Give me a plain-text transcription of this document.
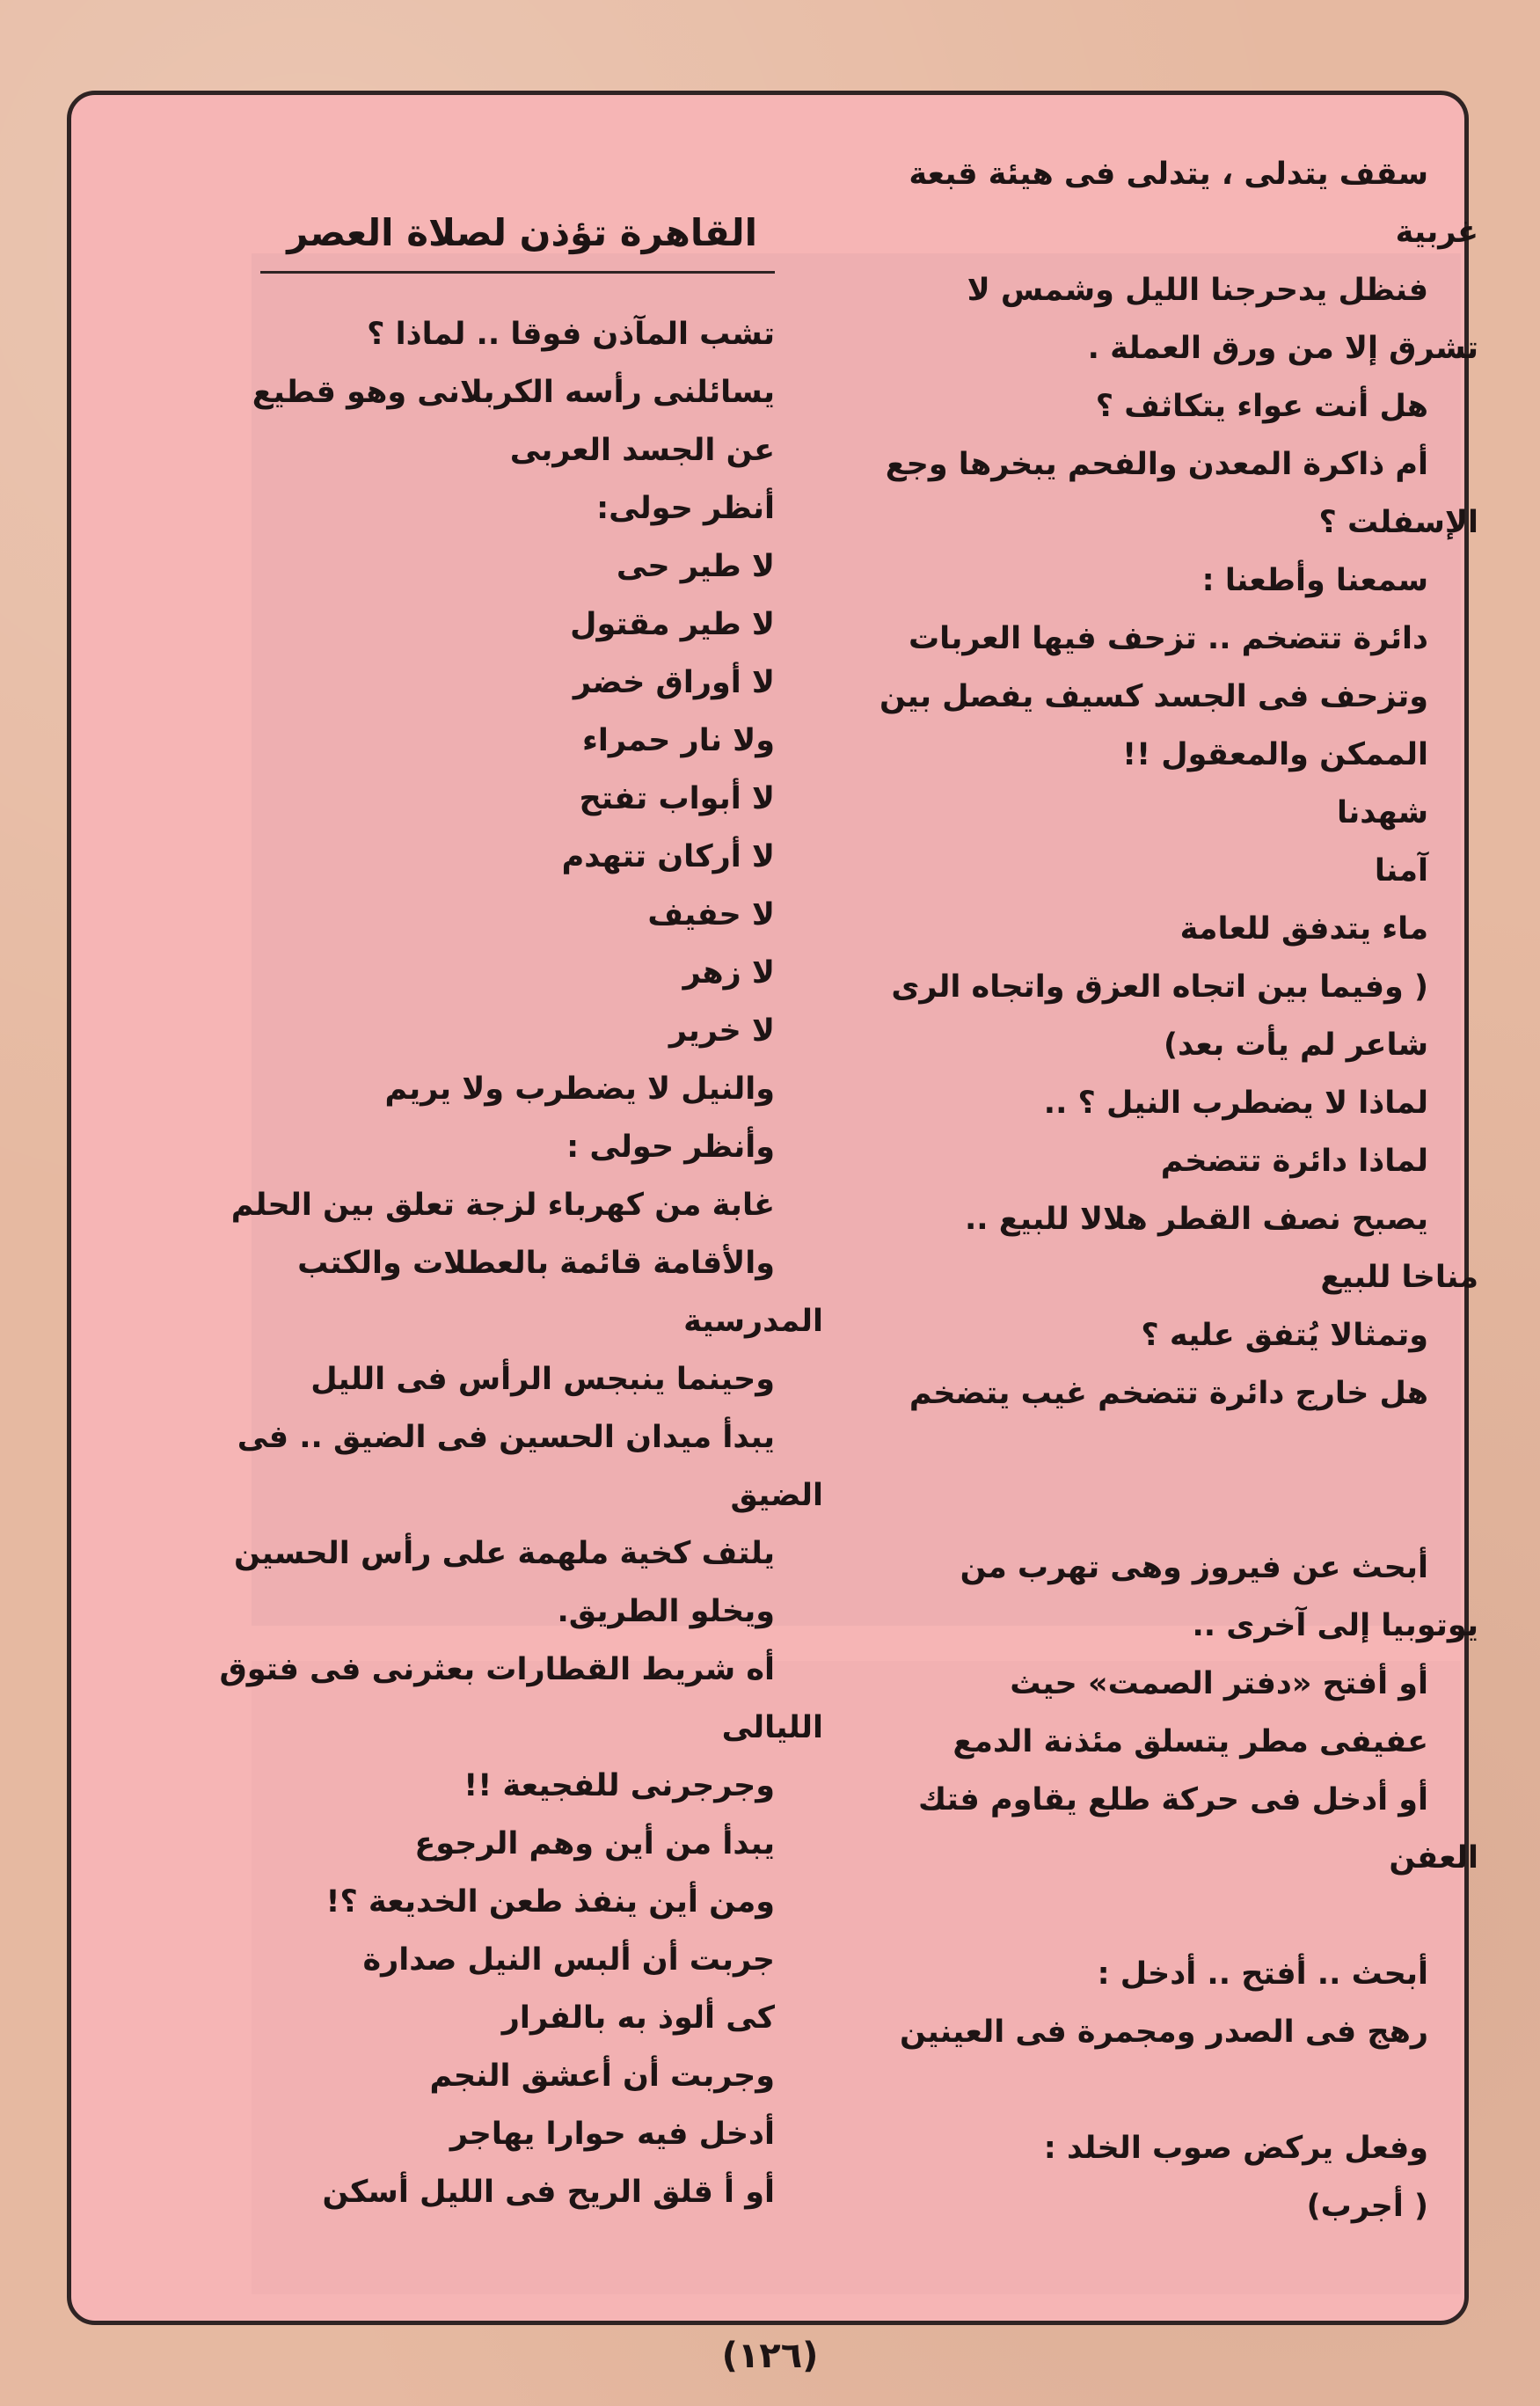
سقف يتدلى ، يتدلى فى هيئة قبعة
غربية
فنظل يدحرجنا الليل وشمس لا
تشرق إلا من ورق العملة .
هل أنت عواء يتكاثف ؟
أم ذاكرة المعدن والفحم يبخرها وجع
الإسفلت ؟
سمعنا وأطعنا :
دائرة تتضخم .. تزحف فيها العربات
وتزحف فى الجسد كسيف يفصل بين
الممكن والمعقول !!
شهدنا
آمنا
ماء يتدفق للعامة
( وفيما بين اتجاه العزق واتجاه الرى
شاعر لم يأت بعد)
لماذا لا يضطرب النيل ؟ ..
لماذا دائرة تتضخم
يصبح نصف القطر هلالا للبيع ..
مناخا للبيع
وتمثالا يُتفق عليه ؟
هل خارج دائرة تتضخم غيب يتضخم
أبحث عن فيروز وهى تهرب من
يوتوبيا إلى آخرى ..
أو أفتح «دفتر الصمت» حيث
عفيفى مطر يتسلق مئذنة الدمع
أو أدخل فى حركة طلع يقاوم فتك
العفن
أبحث .. أفتح .. أدخل :
رهج فى الصدر ومجمرة فى العينين
وفعل يركض صوب الخلد :
( أجرب)
القاهرة تؤذن لصلاة العصر
تشب المآذن فوقا .. لماذا ؟
يسائلنى رأسه الكربلانى وهو قطيع
عن الجسد العربى
أنظر حولى:
لا طير حى
لا طير مقتول
لا أوراق خضر
ولا نار حمراء
لا أبواب تفتح
لا أركان تتهدم
لا حفيف
لا زهر
لا خرير
والنيل لا يضطرب ولا يريم
وأنظر حولى :
غابة من كهرباء لزجة تعلق بين الحلم
والأقامة قائمة بالعطلات والكتب
المدرسية
وحينما ينبجس الرأس فى الليل
يبدأ ميدان الحسين فى الضيق .. فى
الضيق
يلتف كخية ملهمة على رأس الحسين
ويخلو الطريق.
أه شريط القطارات بعثرنى فى فتوق
الليالى
وجرجرنى للفجيعة !!
يبدأ من أين وهم الرجوع
ومن أين ينفذ طعن الخديعة ؟!
جربت أن ألبس النيل صدارة
كى ألوذ به بالفرار
وجربت أن أعشق النجم
أدخل فيه حوارا يهاجر
أو أ قلق الريح فى الليل أسكن
(١٢٦)
